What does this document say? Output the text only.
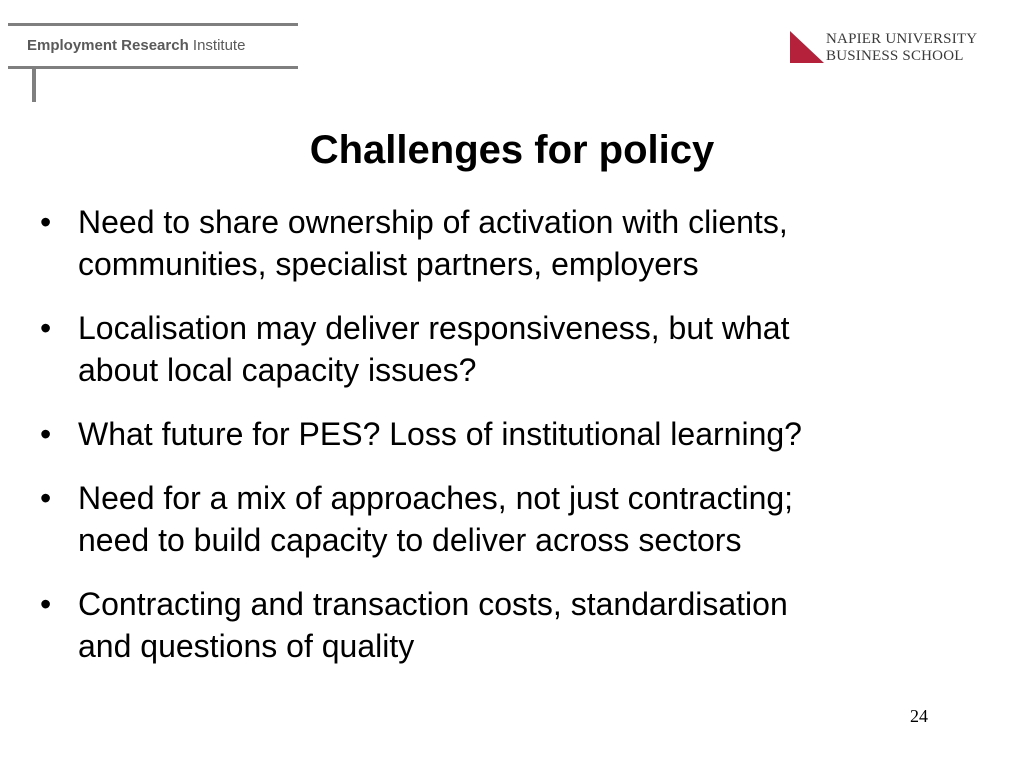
Employment Research Institute	NAPIER UNIVERSITY
BUSINESS SCHOOL
Challenges for policy
• Need to share ownership of activation with clients,
communities, specialist partners, employers
• Localisation may deliver responsiveness, but what
about local capacity issues?
• What future for PES? Loss of institutional learning?
• Need for a mix of approaches, not just contracting;
need to build capacity to deliver across sectors
• Contracting and transaction costs, standardisation
and questions of quality
24
